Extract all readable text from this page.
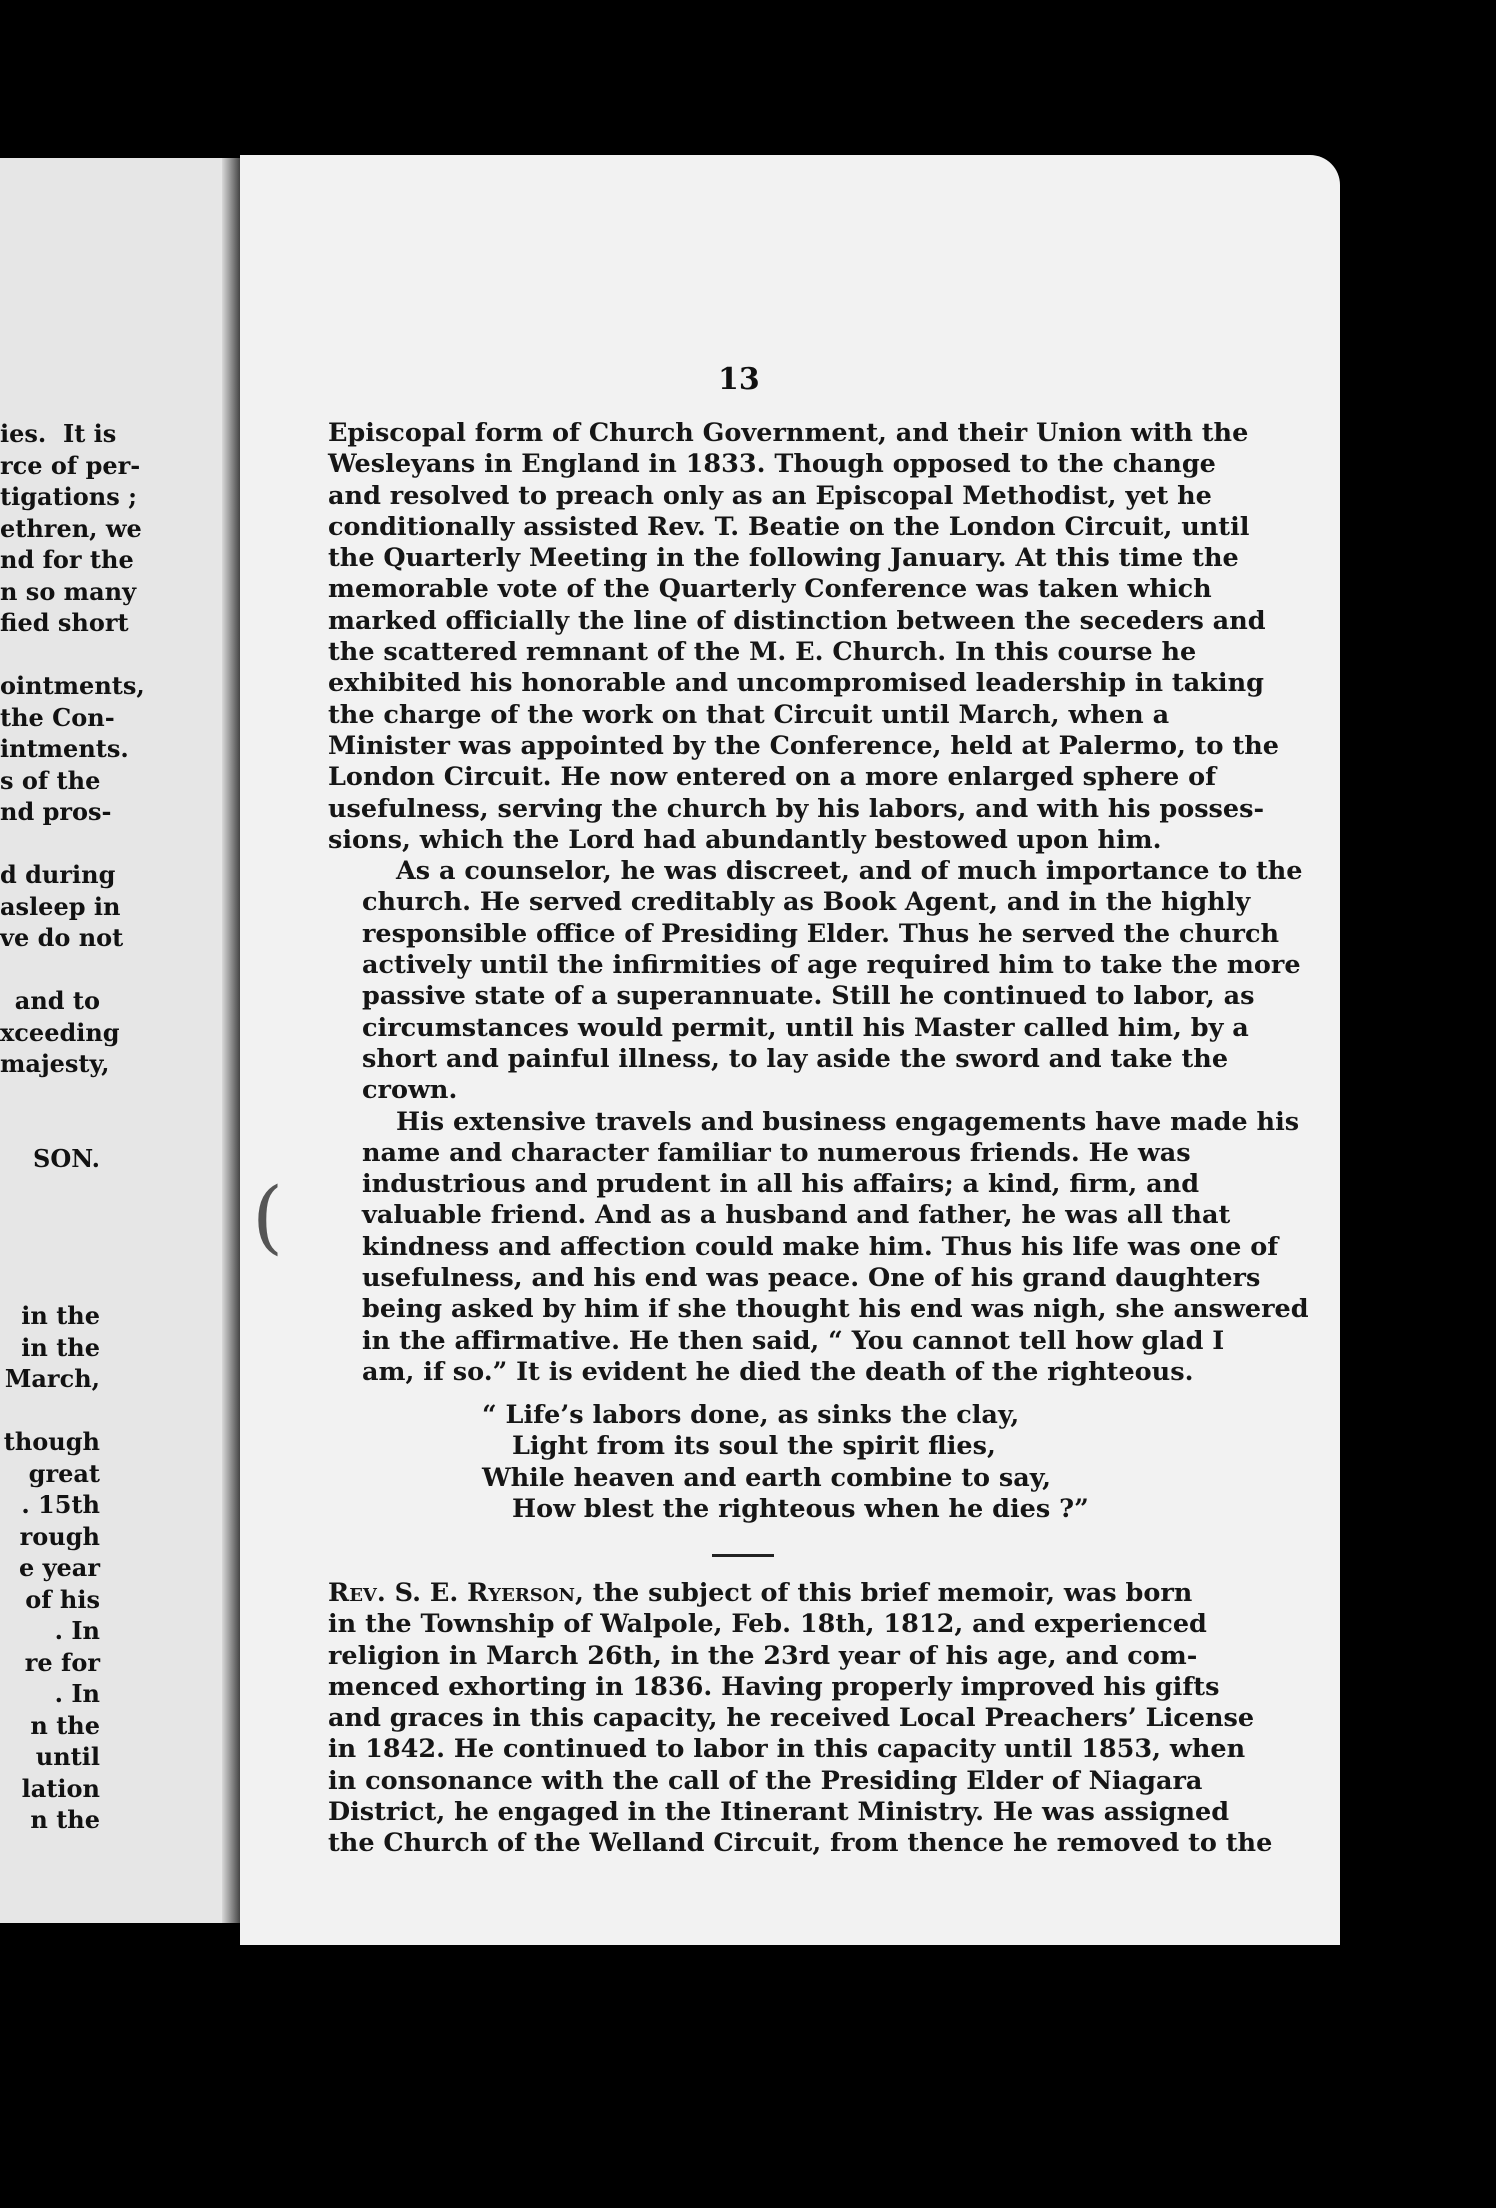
ies.  It is
rce of per-
tigations ;
ethren, we
nd for the
n so many
fied short

ointments,
the Con-
intments.
s of the
nd pros-

d during
asleep in
ve do not

and to
xceeding
majesty,

SON.

in the
in the
March,

though
great
. 15th
rough
e year
of his
. In
re for
. In
n the
until
lation
n the
13
Episcopal form of Church Government, and their Union with the
Wesleyans in England in 1833. Though opposed to the change
and resolved to preach only as an Episcopal Methodist, yet he
conditionally assisted Rev. T. Beatie on the London Circuit, until
the Quarterly Meeting in the following January. At this time the
memorable vote of the Quarterly Conference was taken which
marked officially the line of distinction between the seceders and
the scattered remnant of the M. E. Church. In this course he
exhibited his honorable and uncompromised leadership in taking
the charge of the work on that Circuit until March, when a
Minister was appointed by the Conference, held at Palermo, to the
London Circuit. He now entered on a more enlarged sphere of
usefulness, serving the church by his labors, and with his posses-
sions, which the Lord had abundantly bestowed upon him.
As a counselor, he was discreet, and of much importance to the
church. He served creditably as Book Agent, and in the highly
responsible office of Presiding Elder. Thus he served the church
actively until the infirmities of age required him to take the more
passive state of a superannuate. Still he continued to labor, as
circumstances would permit, until his Master called him, by a
short and painful illness, to lay aside the sword and take the
crown.
His extensive travels and business engagements have made his
name and character familiar to numerous friends. He was
industrious and prudent in all his affairs; a kind, firm, and
valuable friend. And as a husband and father, he was all that
kindness and affection could make him. Thus his life was one of
usefulness, and his end was peace. One of his grand daughters
being asked by him if she thought his end was nigh, she answered
in the affirmative. He then said, “ You cannot tell how glad I
am, if so.” It is evident he died the death of the righteous.
“ Life’s labors done, as sinks the clay,
Light from its soul the spirit flies,
While heaven and earth combine to say,
How blest the righteous when he dies ?”
Rev. S. E. Ryerson, the subject of this brief memoir, was born
in the Township of Walpole, Feb. 18th, 1812, and experienced
religion in March 26th, in the 23rd year of his age, and com-
menced exhorting in 1836. Having properly improved his gifts
and graces in this capacity, he received Local Preachers’ License
in 1842. He continued to labor in this capacity until 1853, when
in consonance with the call of the Presiding Elder of Niagara
District, he engaged in the Itinerant Ministry. He was assigned
the Church of the Welland Circuit, from thence he removed to the
(
